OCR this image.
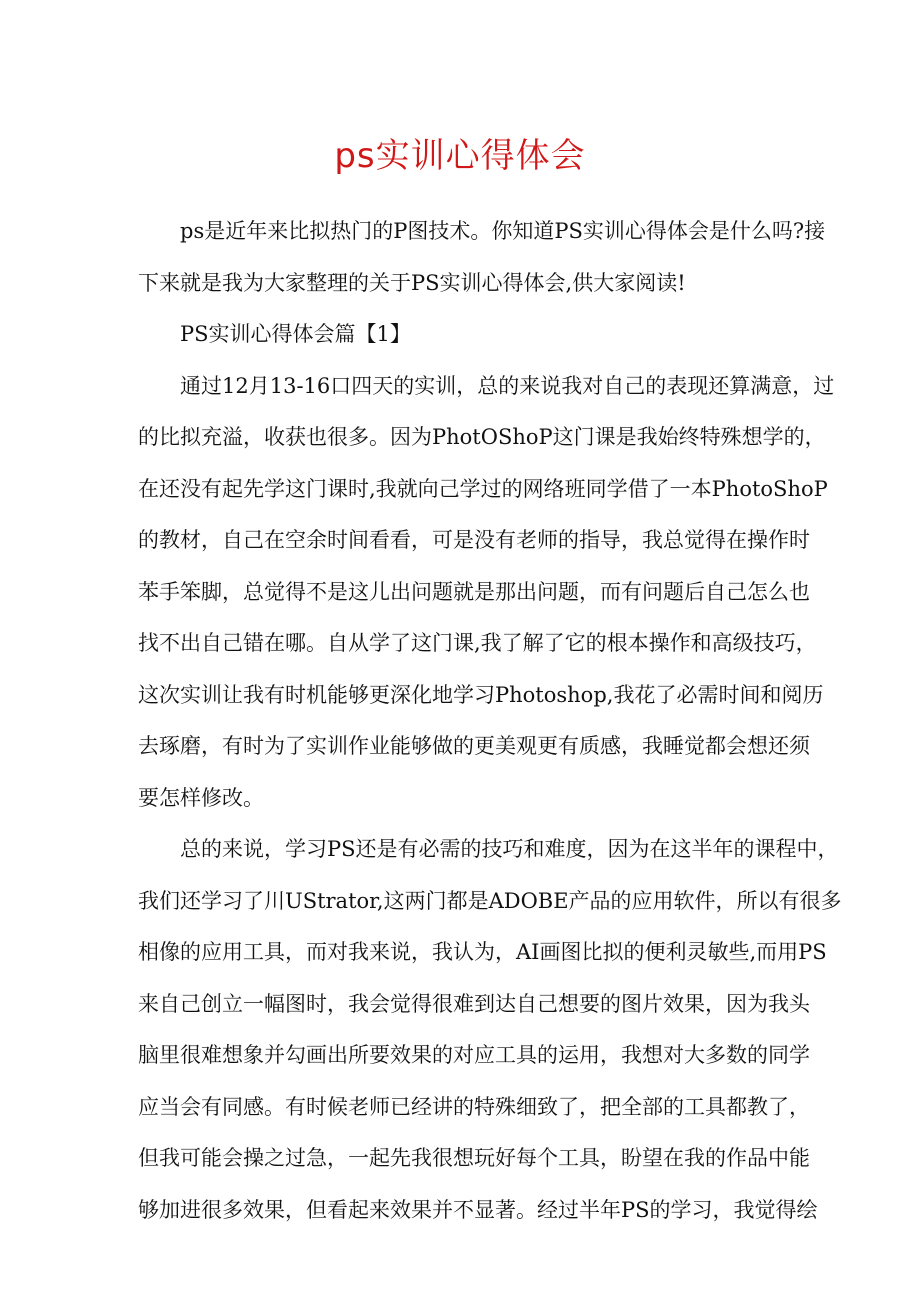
ps实训心得体会
ps是近年来比拟热门的P图技术。你知道PS实训心得体会是什么吗?接
下来就是我为大家整理的关于PS实训心得体会,供大家阅读!
PS实训心得体会篇【1】
通过12月13-16口四天的实训，总的来说我对自己的表现还算满意，过
的比拟充溢，收获也很多。因为PhotOShoP这门课是我始终特殊想学的，
在还没有起先学这门课时,我就向己学过的网络班同学借了一本PhotoShoP
的教材，自己在空余时间看看，可是没有老师的指导，我总觉得在操作时
苯手笨脚，总觉得不是这儿出问题就是那出问题，而有问题后自己怎么也
找不出自己错在哪。自从学了这门课,我了解了它的根本操作和高级技巧，
这次实训让我有时机能够更深化地学习Photoshop,我花了必需时间和阅历
去琢磨，有时为了实训作业能够做的更美观更有质感，我睡觉都会想还须
要怎样修改。
总的来说，学习PS还是有必需的技巧和难度，因为在这半年的课程中，
我们还学习了川UStrator,这两门都是ADOBE产品的应用软件，所以有很多
相像的应用工具，而对我来说，我认为，AI画图比拟的便利灵敏些,而用PS
来自己创立一幅图时，我会觉得很难到达自己想要的图片效果，因为我头
脑里很难想象并勾画出所要效果的对应工具的运用，我想对大多数的同学
应当会有同感。有时候老师已经讲的特殊细致了，把全部的工具都教了，
但我可能会操之过急，一起先我很想玩好每个工具，盼望在我的作品中能
够加进很多效果，但看起来效果并不显著。经过半年PS的学习，我觉得绘
